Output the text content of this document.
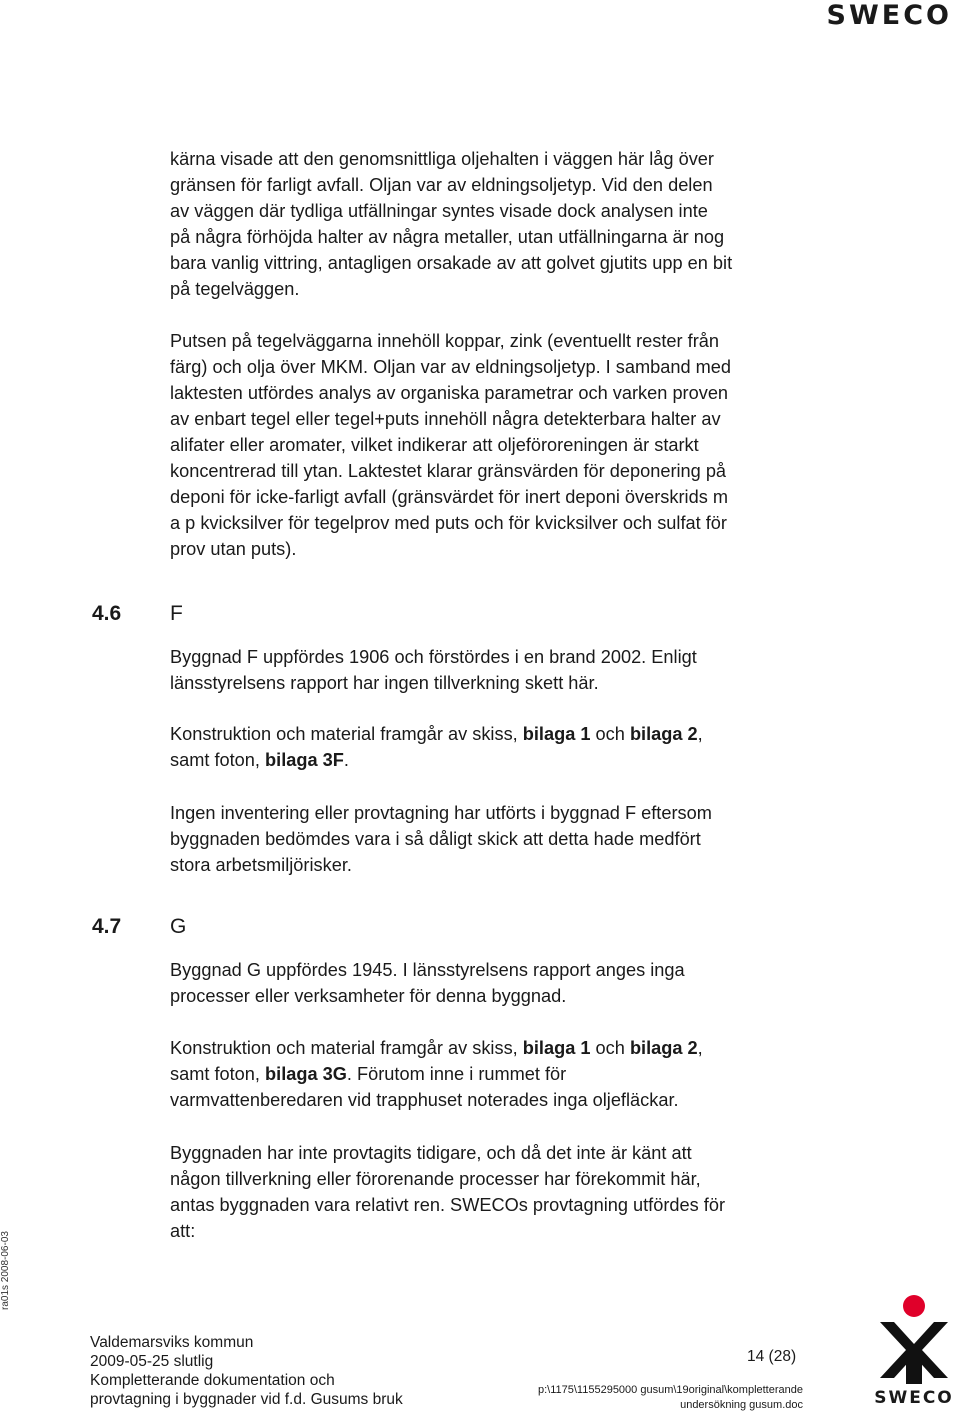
SWECO

kärna visade att den genomsnittliga oljehalten i väggen här låg över
gränsen för farligt avfall. Oljan var av eldningsoljetyp. Vid den delen
av väggen där tydliga utfällningar syntes visade dock analysen inte
på några förhöjda halter av några metaller, utan utfällningarna är nog
bara vanlig vittring, antagligen orsakade av att golvet gjutits upp en bit
på tegelväggen.

Putsen på tegelväggarna innehöll koppar, zink (eventuellt rester från
färg) och olja över MKM. Oljan var av eldningsoljetyp. I samband med
laktesten utfördes analys av organiska parametrar och varken proven
av enbart tegel eller tegel+puts innehöll några detekterbara halter av
alifater eller aromater, vilket indikerar att oljeföroreningen är starkt
koncentrerad till ytan. Laktestet klarar gränsvärden för deponering på
deponi för icke-farligt avfall (gränsvärdet för inert deponi överskrids m
a p kvicksilver för tegelprov med puts och för kvicksilver och sulfat för
prov utan puts).

4.6 F

Byggnad F uppfördes 1906 och förstördes i en brand 2002. Enligt
länsstyrelsens rapport har ingen tillverkning skett här.

Konstruktion och material framgår av skiss, bilaga 1 och bilaga 2,
samt foton, bilaga 3F.

Ingen inventering eller provtagning har utförts i byggnad F eftersom
byggnaden bedömdes vara i så dåligt skick att detta hade medfört
stora arbetsmiljörisker.

4.7 G

Byggnad G uppfördes 1945. I länsstyrelsens rapport anges inga
processer eller verksamheter för denna byggnad.

Konstruktion och material framgår av skiss, bilaga 1 och bilaga 2,
samt foton, bilaga 3G. Förutom inne i rummet för
varmvattenberedaren vid trapphuset noterades inga oljefläckar.

Byggnaden har inte provtagits tidigare, och då det inte är känt att
någon tillverkning eller förorenande processer har förekommit här,
antas byggnaden vara relativt ren. SWECOs provtagning utfördes för
att:

ra01s 2008-06-03
Valdemarsviks kommun
2009-05-25 slutlig
Kompletterande dokumentation och
provtagning i byggnader vid f.d. Gusums bruk
14 (28)
p:\1175\1155295000 gusum\19original\kompletterande
undersökning gusum.doc	SWECO
